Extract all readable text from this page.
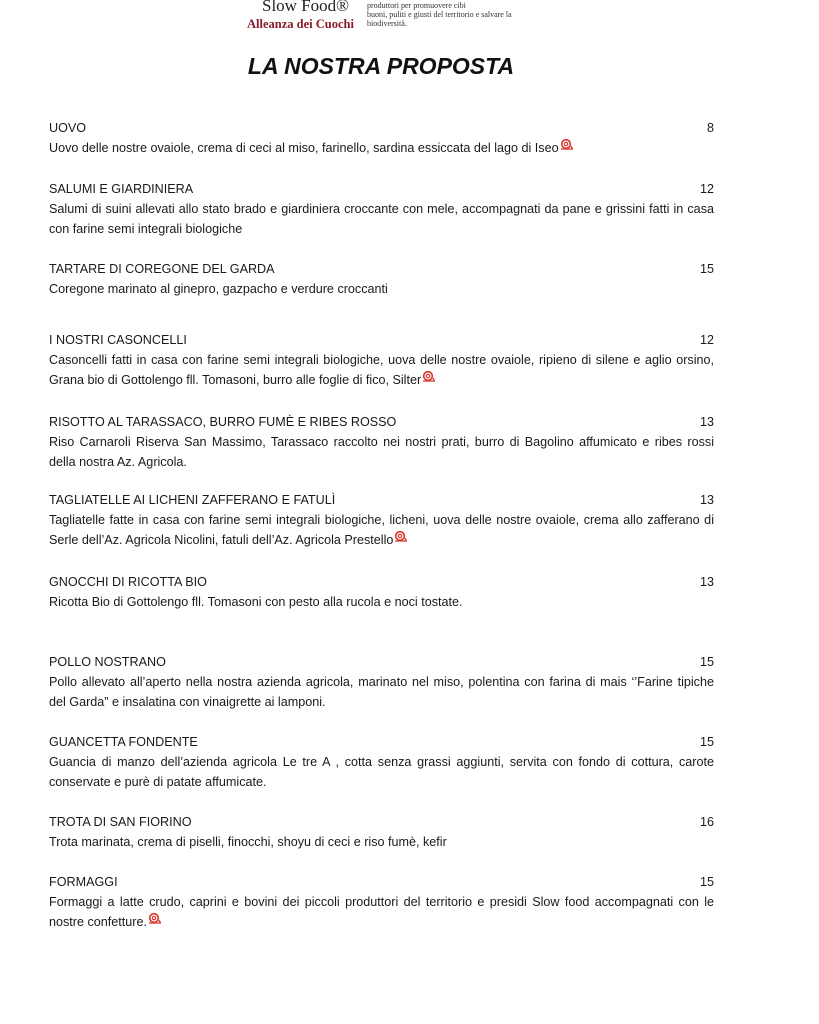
Slow Food®
Alleanza dei Cuochi
produttori per promuovere cibi
buoni, puliti e giusti del territorio e salvare la
biodiversità.
LA NOSTRA PROPOSTA
UOVO	8
Uovo delle nostre ovaiole, crema di ceci al miso, farinello, sardina essiccata del lago di Iseo
SALUMI E GIARDINIERA	12
Salumi di suini allevati allo stato brado e giardiniera croccante con mele, accompagnati da pane e grissini fatti in casa con farine semi integrali biologiche
TARTARE DI COREGONE DEL GARDA	15
Coregone marinato al ginepro, gazpacho e verdure croccanti
I NOSTRI CASONCELLI	12
Casoncelli fatti in casa con farine semi integrali biologiche, uova delle nostre ovaiole, ripieno di silene e aglio orsino, Grana bio di Gottolengo fll. Tomasoni, burro alle foglie di fico, Silter
RISOTTO AL TARASSACO, BURRO FUMÈ E RIBES ROSSO	13
Riso Carnaroli Riserva San Massimo, Tarassaco raccolto nei nostri prati, burro di Bagolino affumicato e ribes rossi della nostra Az. Agricola.
TAGLIATELLE AI LICHENI ZAFFERANO E FATULÌ	13
Tagliatelle fatte in casa con farine semi integrali biologiche, licheni, uova delle nostre ovaiole, crema allo zafferano di Serle dell’Az. Agricola Nicolini, fatuli dell’Az. Agricola Prestello
GNOCCHI DI RICOTTA BIO	13
Ricotta Bio di Gottolengo fll. Tomasoni con pesto alla rucola e noci tostate.
POLLO NOSTRANO	15
Pollo allevato all’aperto nella nostra azienda agricola, marinato nel miso, polentina con farina di mais ‘’Farine tipiche del Garda” e insalatina con vinaigrette ai lamponi.
GUANCETTA FONDENTE	15
Guancia di manzo dell’azienda agricola Le tre A , cotta senza grassi aggiunti, servita con fondo di cottura, carote conservate e purè di patate affumicate.
TROTA DI SAN FIORINO	16
Trota marinata, crema di piselli, finocchi, shoyu di ceci e riso fumè, kefir
FORMAGGI	15
Formaggi a latte crudo, caprini e bovini dei piccoli produttori del territorio e presidi Slow food accompagnati con le nostre confetture.
